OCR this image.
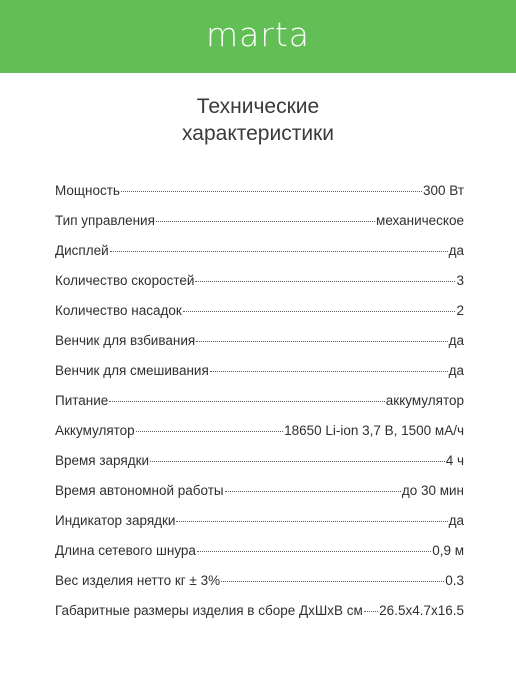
marta
Технические
характеристики
Мощность	300 Вт
Тип управления	механическое
Дисплей	да
Количество скоростей	3
Количество насадок	2
Венчик для взбивания	да
Венчик для смешивания	да
Питание	аккумулятор
Аккумулятор	18650 Li-ion 3,7 В, 1500 мА/ч
Время зарядки	4 ч
Время автономной работы	до 30 мин
Индикатор зарядки	да
Длина сетевого шнура	0,9 м
Вес изделия нетто кг ± 3%	0.3
Габаритные размеры изделия в сборе ДхШхВ см 26.5х4.7х16.5
